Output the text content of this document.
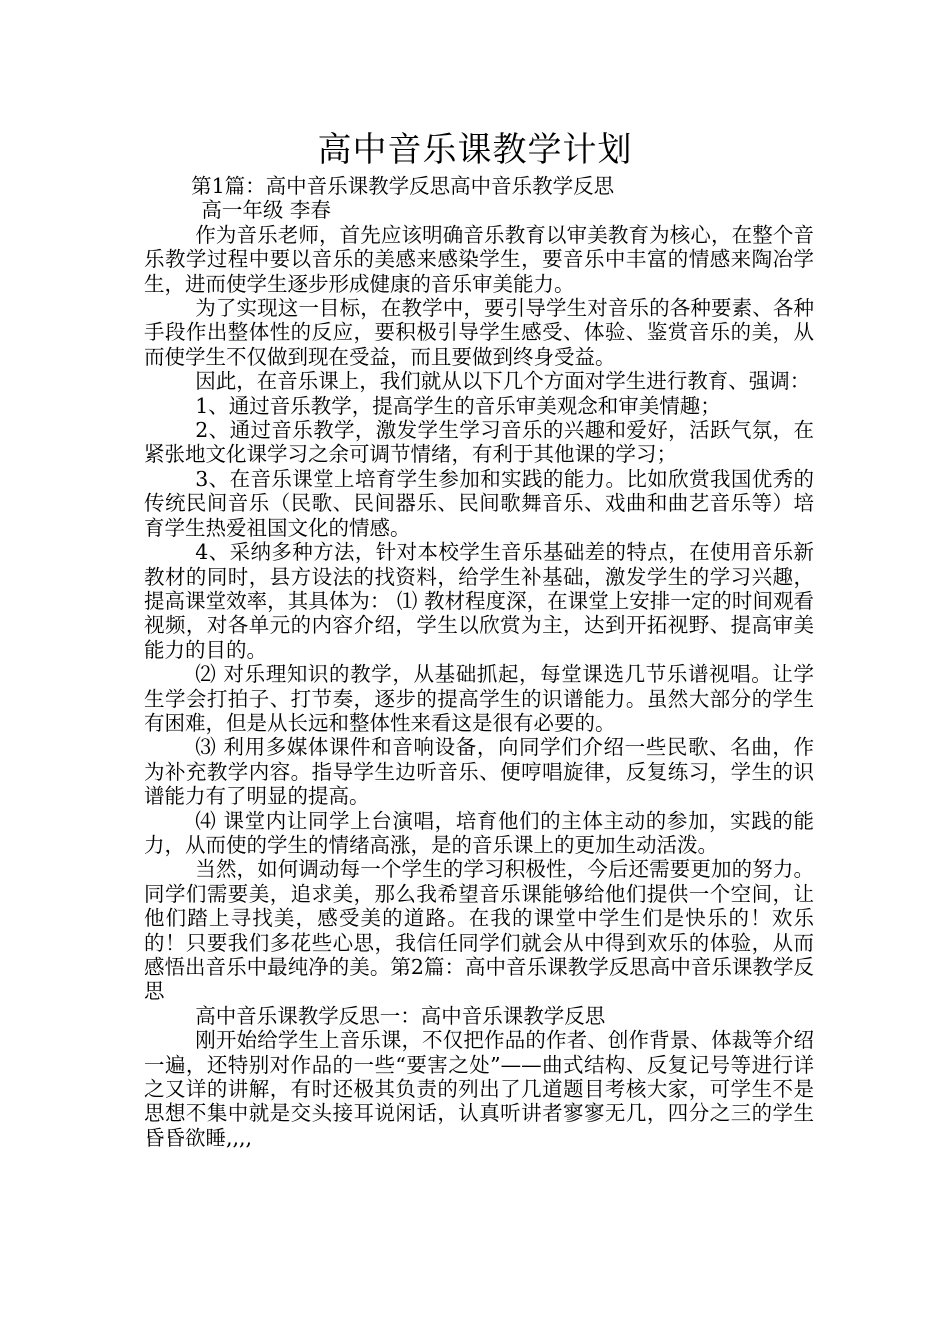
高中音乐课教学计划

第1篇：高中音乐课教学反思高中音乐教学反思

高一年级 李春

作为音乐老师，首先应该明确音乐教育以审美教育为核心，在整个音乐教学过程中要以音乐的美感来感染学生，要音乐中丰富的情感来陶冶学生，进而使学生逐步形成健康的音乐审美能力。

为了实现这一目标，在教学中，要引导学生对音乐的各种要素、各种手段作出整体性的反应，要积极引导学生感受、体验、鉴赏音乐的美，从而使学生不仅做到现在受益，而且要做到终身受益。

因此，在音乐课上，我们就从以下几个方面对学生进行教育、强调：

1、通过音乐教学，提高学生的音乐审美观念和审美情趣；

2、通过音乐教学，激发学生学习音乐的兴趣和爱好，活跃气氛，在紧张地文化课学习之余可调节情绪，有利于其他课的学习；

3、在音乐课堂上培育学生参加和实践的能力。比如欣赏我国优秀的传统民间音乐（民歌、民间器乐、民间歌舞音乐、戏曲和曲艺音乐等）培育学生热爱祖国文化的情感。

4、采纳多种方法，针对本校学生音乐基础差的特点，在使用音乐新教材的同时，县方设法的找资料，给学生补基础，激发学生的学习兴趣，提高课堂效率，其具体为： ⑴ 教材程度深，在课堂上安排一定的时间观看视频，对各单元的内容介绍，学生以欣赏为主，达到开拓视野、提高审美能力的目的。

⑵ 对乐理知识的教学，从基础抓起，每堂课选几节乐谱视唱。让学生学会打拍子、打节奏，逐步的提高学生的识谱能力。虽然大部分的学生有困难，但是从长远和整体性来看这是很有必要的。

⑶ 利用多媒体课件和音响设备，向同学们介绍一些民歌、名曲，作为补充教学内容。指导学生边听音乐、便哼唱旋律，反复练习，学生的识谱能力有了明显的提高。

⑷ 课堂内让同学上台演唱，培育他们的主体主动的参加，实践的能力，从而使的学生的情绪高涨，是的音乐课上的更加生动活泼。

当然，如何调动每一个学生的学习积极性，今后还需要更加的努力。同学们需要美，追求美，那么我希望音乐课能够给他们提供一个空间，让他们踏上寻找美，感受美的道路。在我的课堂中学生们是快乐的！欢乐的！只要我们多花些心思，我信任同学们就会从中得到欢乐的体验，从而感悟出音乐中最纯净的美。第2篇：高中音乐课教学反思高中音乐课教学反思

高中音乐课教学反思一：高中音乐课教学反思

刚开始给学生上音乐课，不仅把作品的作者、创作背景、体裁等介绍一遍，还特别对作品的一些“要害之处”——曲式结构、反复记号等进行详之又详的讲解，有时还极其负责的列出了几道题目考核大家，可学生不是思想不集中就是交头接耳说闲话，认真听讲者寥寥无几，四分之三的学生昏昏欲睡,,,,
